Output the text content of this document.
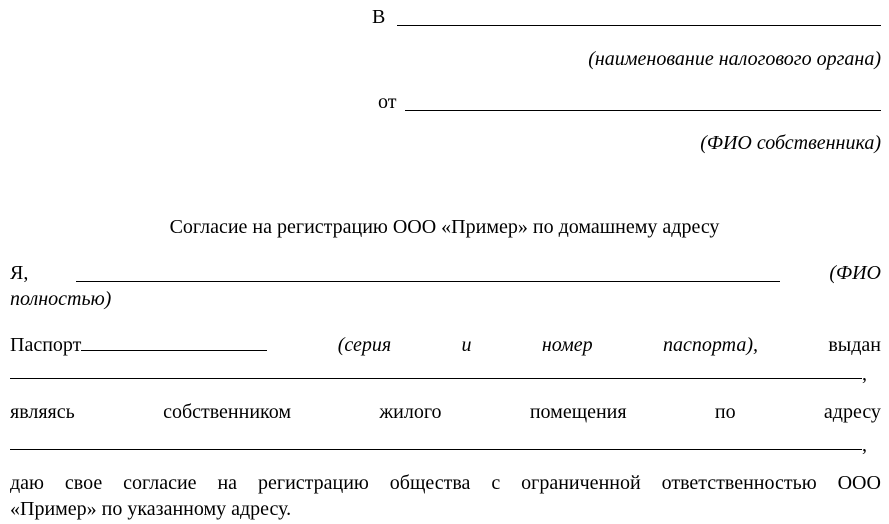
В
(наименование налогового органа)
от
(ФИО собственника)
Согласие на регистрацию ООО «Пример» по домашнему адресу
Я,	(ФИО
полностью)
Паспорт	(серия	и	номер	паспорта),	выдан
,
являясь	собственником	жилого	помещения	по	адресу
,
даю свое согласие на регистрацию общества с ограниченной ответственностью ООО
«Пример» по указанному адресу.
